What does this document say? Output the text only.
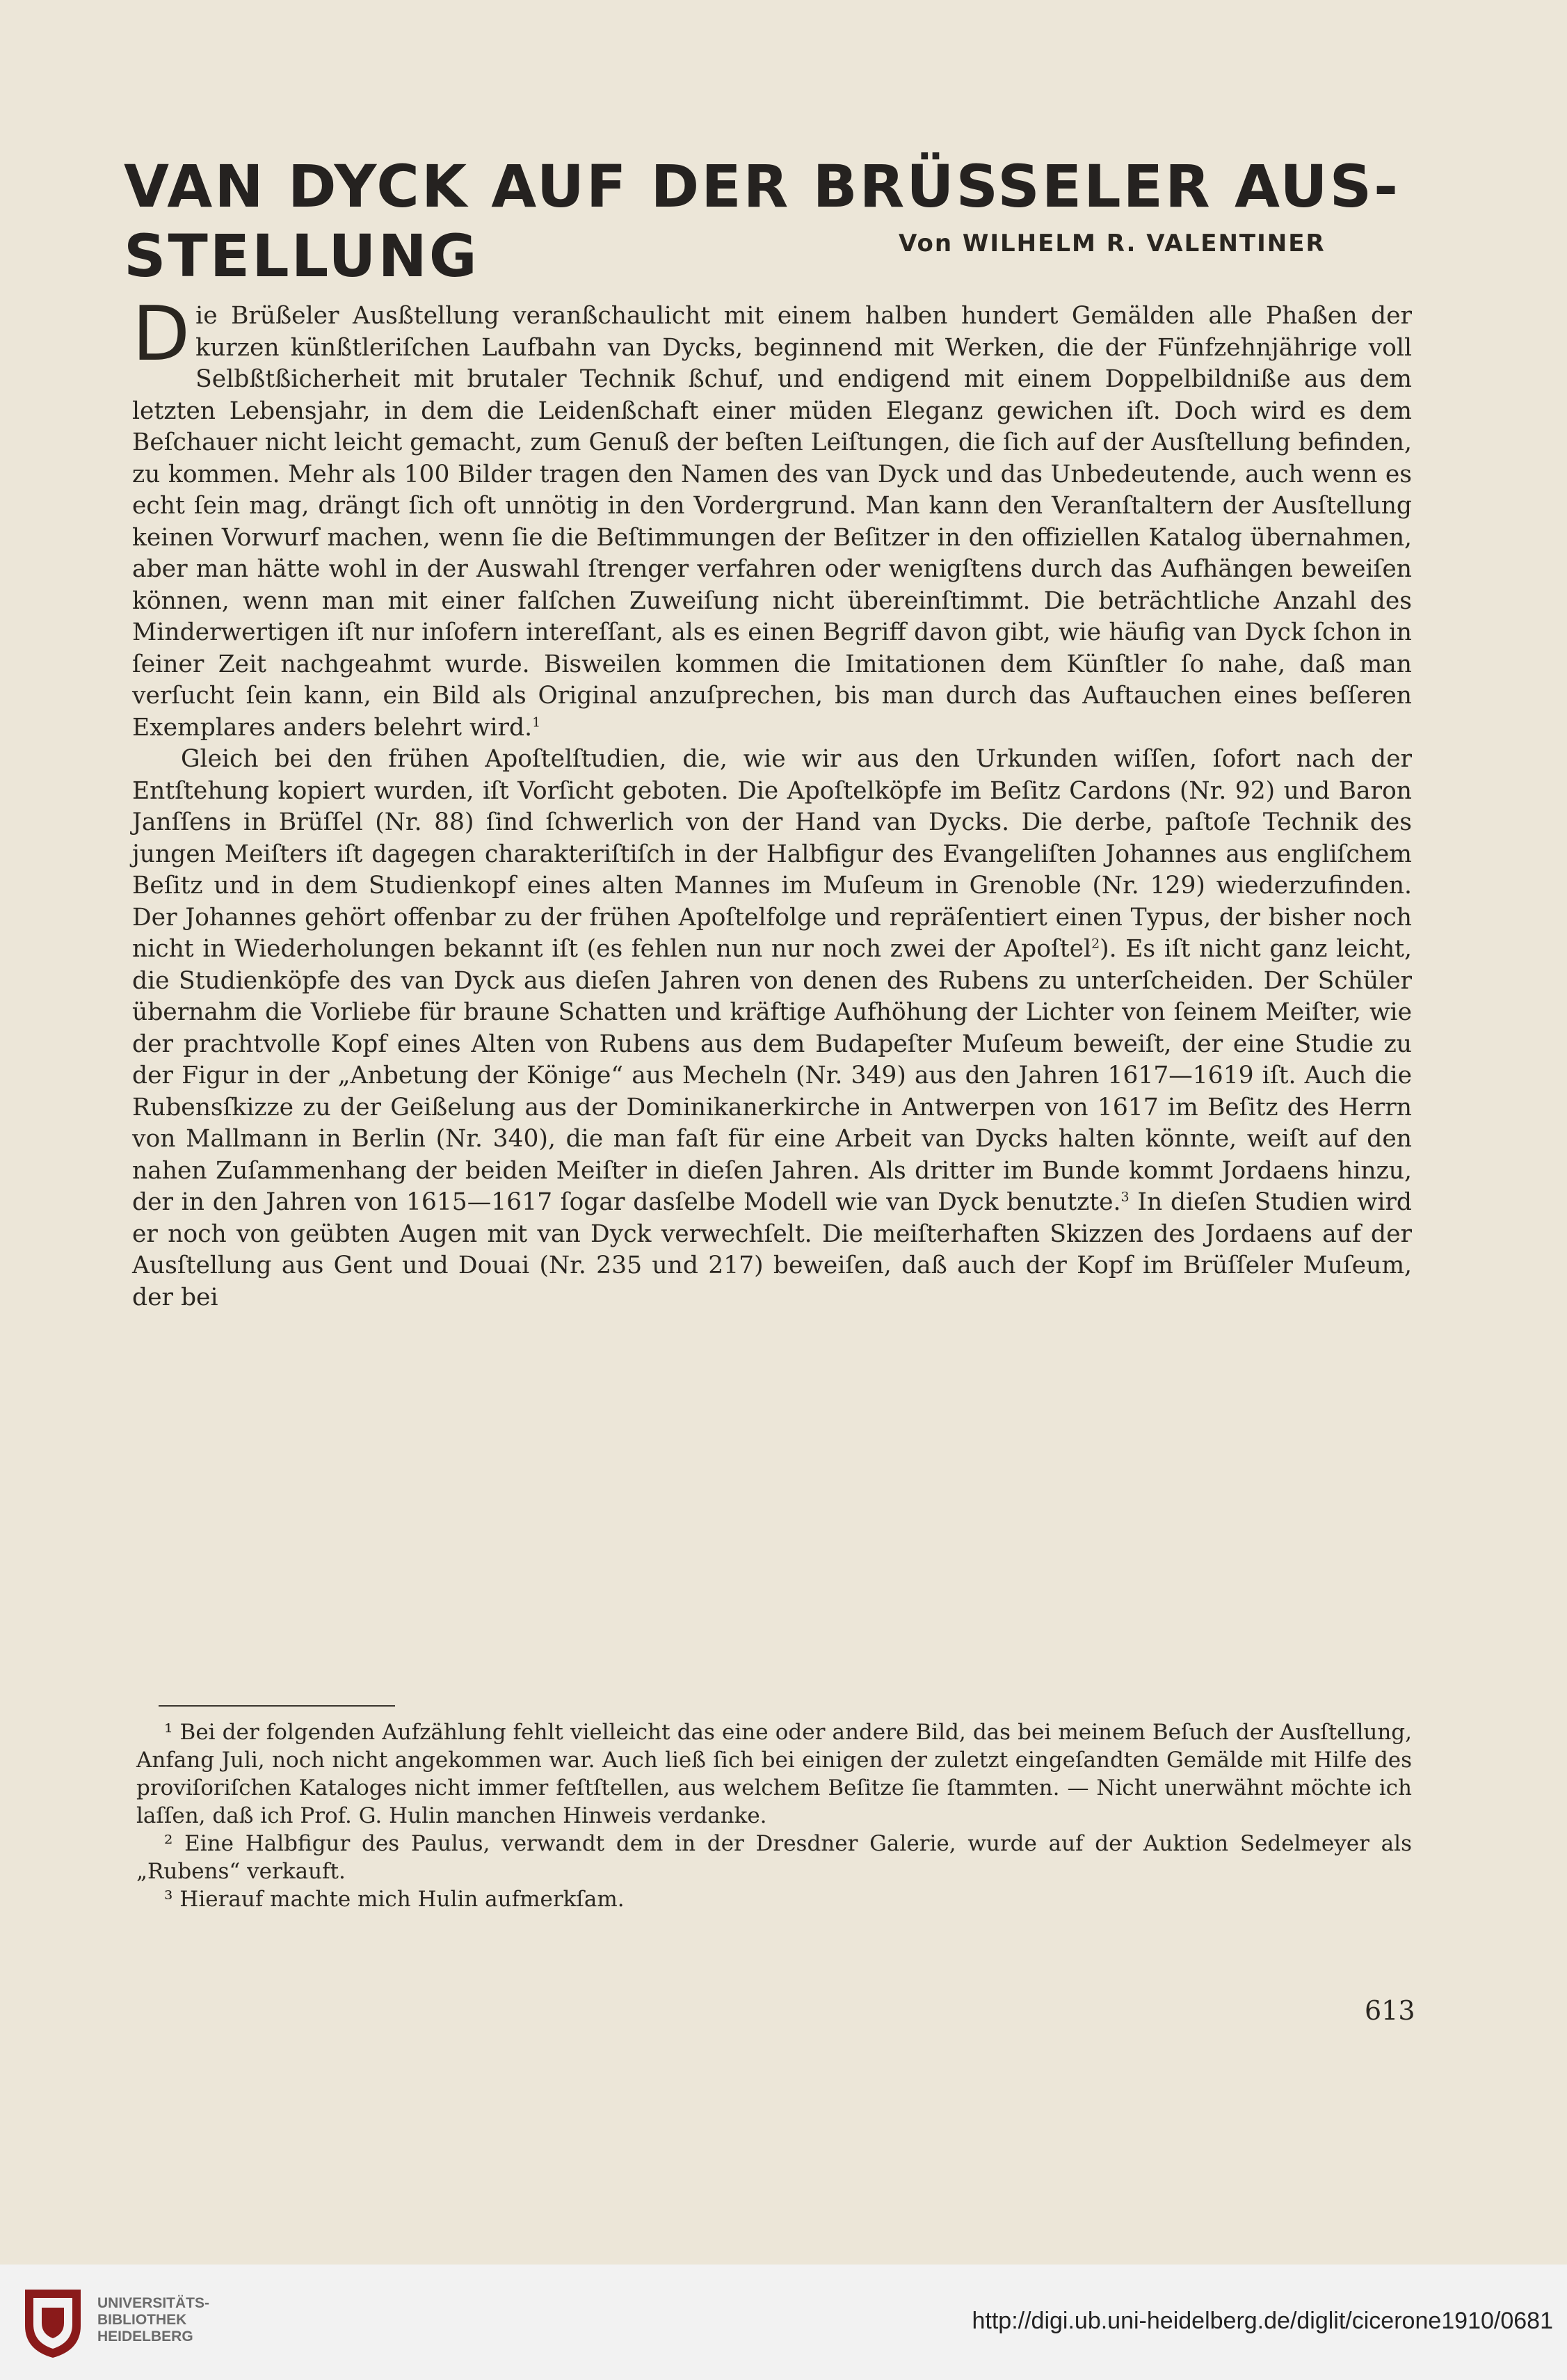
VAN DYCK AUF DER BRÜSSELER AUS-
STELLUNG	Von WILHELM R. VALENTINER

Die Brüßeler Ausßtellung veranßchaulicht mit einem halben hundert Gemälden alle Phaßen der kurzen künßtleriſchen Laufbahn van Dycks, beginnend mit Werken, die der Fünfzehnjährige voll Selbßtßicherheit mit brutaler Technik ßchuf, und endigend mit einem Doppelbildniße aus dem letzten Lebensjahr, in dem die Leidenßchaft einer müden Eleganz gewichen iſt. Doch wird es dem Beſchauer nicht leicht gemacht, zum Genuß der beſten Leiſtungen, die ſich auf der Ausſtellung befinden, zu kommen. Mehr als 100 Bilder tragen den Namen des van Dyck und das Unbedeutende, auch wenn es echt ſein mag, drängt ſich oft unnötig in den Vordergrund. Man kann den Veranſtaltern der Ausſtellung keinen Vorwurf machen, wenn ſie die Beſtimmungen der Beſitzer in den offiziellen Katalog übernahmen, aber man hätte wohl in der Auswahl ſtrenger verfahren oder wenigſtens durch das Aufhängen beweiſen können, wenn man mit einer falſchen Zuweiſung nicht übereinſtimmt. Die beträchtliche Anzahl des Minderwertigen iſt nur inſofern intereſſant, als es einen Begriff davon gibt, wie häufig van Dyck ſchon in ſeiner Zeit nachgeahmt wurde. Bisweilen kommen die Imitationen dem Künſtler ſo nahe, daß man verſucht ſein kann, ein Bild als Original anzuſprechen, bis man durch das Auftauchen eines beſſeren Exemplares anders belehrt wird.$^1$

Gleich bei den frühen Apoſtelſtudien, die, wie wir aus den Urkunden wiſſen, ſofort nach der Entſtehung kopiert wurden, iſt Vorſicht geboten. Die Apoſtelköpfe im Beſitz Cardons (Nr. 92) und Baron Janſſens in Brüſſel (Nr. 88) ſind ſchwerlich von der Hand van Dycks. Die derbe, paſtoſe Technik des jungen Meiſters iſt dagegen charakteriſtiſch in der Halbfigur des Evangeliſten Johannes aus engliſchem Beſitz und in dem Studienkopf eines alten Mannes im Muſeum in Grenoble (Nr. 129) wiederzufinden. Der Johannes gehört offenbar zu der frühen Apoſtelfolge und repräſentiert einen Typus, der bisher noch nicht in Wiederholungen bekannt iſt (es fehlen nun nur noch zwei der Apoſtel$^2$). Es iſt nicht ganz leicht, die Studienköpfe des van Dyck aus dieſen Jahren von denen des Rubens zu unterſcheiden. Der Schüler übernahm die Vorliebe für braune Schatten und kräftige Aufhöhung der Lichter von ſeinem Meiſter, wie der prachtvolle Kopf eines Alten von Rubens aus dem Budapeſter Muſeum beweiſt, der eine Studie zu der Figur in der „Anbetung der Könige“ aus Mecheln (Nr. 349) aus den Jahren 1617—1619 iſt. Auch die Rubensſkizze zu der Geißelung aus der Dominikanerkirche in Antwerpen von 1617 im Beſitz des Herrn von Mallmann in Berlin (Nr. 340), die man faſt für eine Arbeit van Dycks halten könnte, weiſt auf den nahen Zuſammenhang der beiden Meiſter in dieſen Jahren. Als dritter im Bunde kommt Jordaens hinzu, der in den Jahren von 1615—1617 ſogar dasſelbe Modell wie van Dyck benutzte.$^3$ In dieſen Studien wird er noch von geübten Augen mit van Dyck verwechſelt. Die meiſterhaften Skizzen des Jordaens auf der Ausſtellung aus Gent und Douai (Nr. 235 und 217) beweiſen, daß auch der Kopf im Brüſſeler Muſeum, der bei

¹ Bei der folgenden Aufzählung fehlt vielleicht das eine oder andere Bild, das bei meinem Beſuch der Ausſtellung, Anfang Juli, noch nicht angekommen war. Auch ließ ſich bei einigen der zuletzt eingeſandten Gemälde mit Hilfe des proviſoriſchen Kataloges nicht immer feſtſtellen, aus welchem Beſitze ſie ſtammten. — Nicht unerwähnt möchte ich laſſen, daß ich Prof. G. Hulin manchen Hinweis verdanke.

² Eine Halbfigur des Paulus, verwandt dem in der Dresdner Galerie, wurde auf der Auktion Sedelmeyer als „Rubens“ verkauft.

³ Hierauf machte mich Hulin aufmerkſam.

613
UNIVERSITÄTS-
BIBLIOTHEK
HEIDELBERG
http://digi.ub.uni-heidelberg.de/diglit/cicerone1910/0681
